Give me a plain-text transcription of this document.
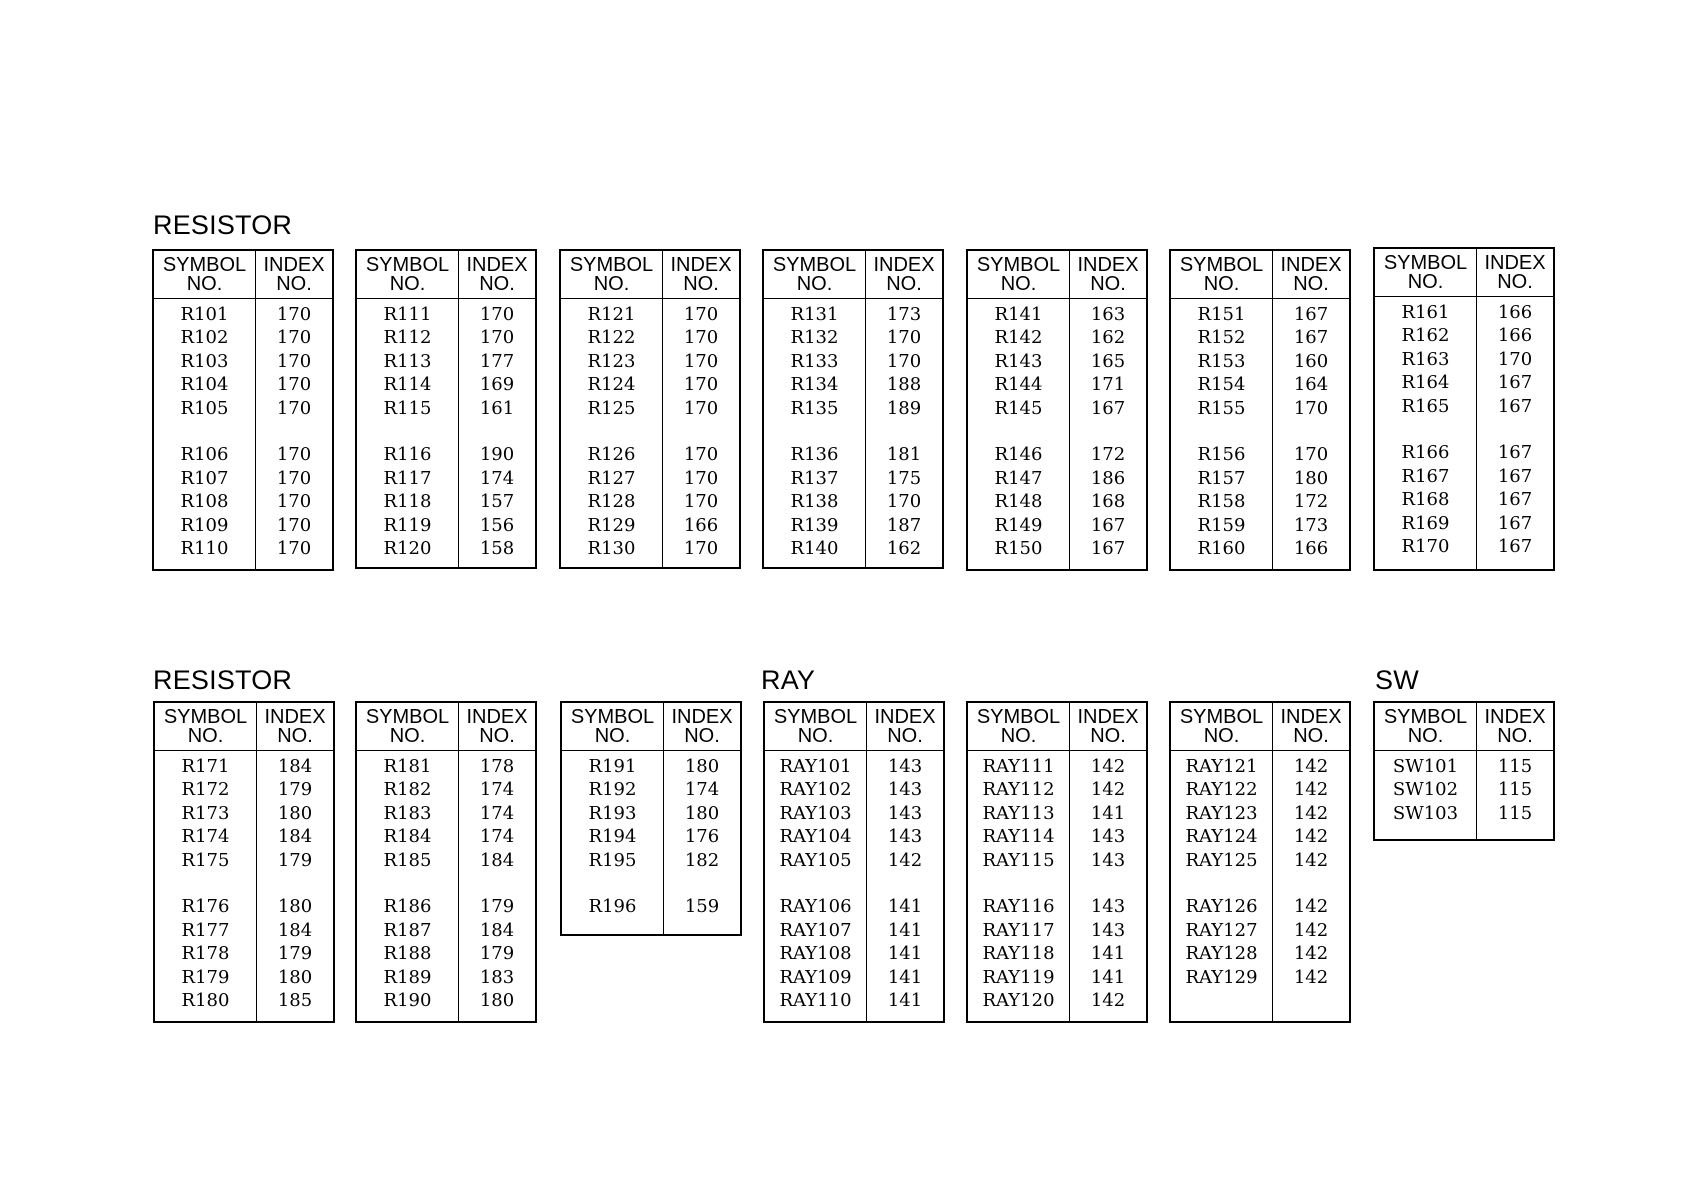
RESISTOR
RESISTOR	RAY	SW
SYMBOL
NO.
INDEX
NO.
R101
R102
R103
R104
R105
R106
R107
R108
R109
R110
170
170
170
170
170
170
170
170
170
170
SYMBOL
NO.
INDEX
NO.
R111
R112
R113
R114
R115
R116
R117
R118
R119
R120
170
170
177
169
161
190
174
157
156
158
SYMBOL
NO.
INDEX
NO.
R121
R122
R123
R124
R125
R126
R127
R128
R129
R130
170
170
170
170
170
170
170
170
166
170
SYMBOL
NO.
INDEX
NO.
R131
R132
R133
R134
R135
R136
R137
R138
R139
R140
173
170
170
188
189
181
175
170
187
162
SYMBOL
NO.
INDEX
NO.
R141
R142
R143
R144
R145
R146
R147
R148
R149
R150
163
162
165
171
167
172
186
168
167
167
SYMBOL
NO.
INDEX
NO.
R151
R152
R153
R154
R155
R156
R157
R158
R159
R160
167
167
160
164
170
170
180
172
173
166
SYMBOL
NO.
INDEX
NO.
R161
R162
R163
R164
R165
R166
R167
R168
R169
R170
166
166
170
167
167
167
167
167
167
167
SYMBOL
NO.
INDEX
NO.
R171
R172
R173
R174
R175
R176
R177
R178
R179
R180
184
179
180
184
179
180
184
179
180
185
SYMBOL
NO.
INDEX
NO.
R181
R182
R183
R184
R185
R186
R187
R188
R189
R190
178
174
174
174
184
179
184
179
183
180
SYMBOL
NO.
INDEX
NO.
R191
R192
R193
R194
R195
R196
180
174
180
176
182
159
SYMBOL
NO.
INDEX
NO.
RAY101
RAY102
RAY103
RAY104
RAY105
RAY106
RAY107
RAY108
RAY109
RAY110
143
143
143
143
142
141
141
141
141
141
SYMBOL
NO.
INDEX
NO.
RAY111
RAY112
RAY113
RAY114
RAY115
RAY116
RAY117
RAY118
RAY119
RAY120
142
142
141
143
143
143
143
141
141
142
SYMBOL
NO.
INDEX
NO.
RAY121
RAY122
RAY123
RAY124
RAY125
RAY126
RAY127
RAY128
RAY129
142
142
142
142
142
142
142
142
142
SYMBOL
NO.
INDEX
NO.
SW101
SW102
SW103
115
115
115
